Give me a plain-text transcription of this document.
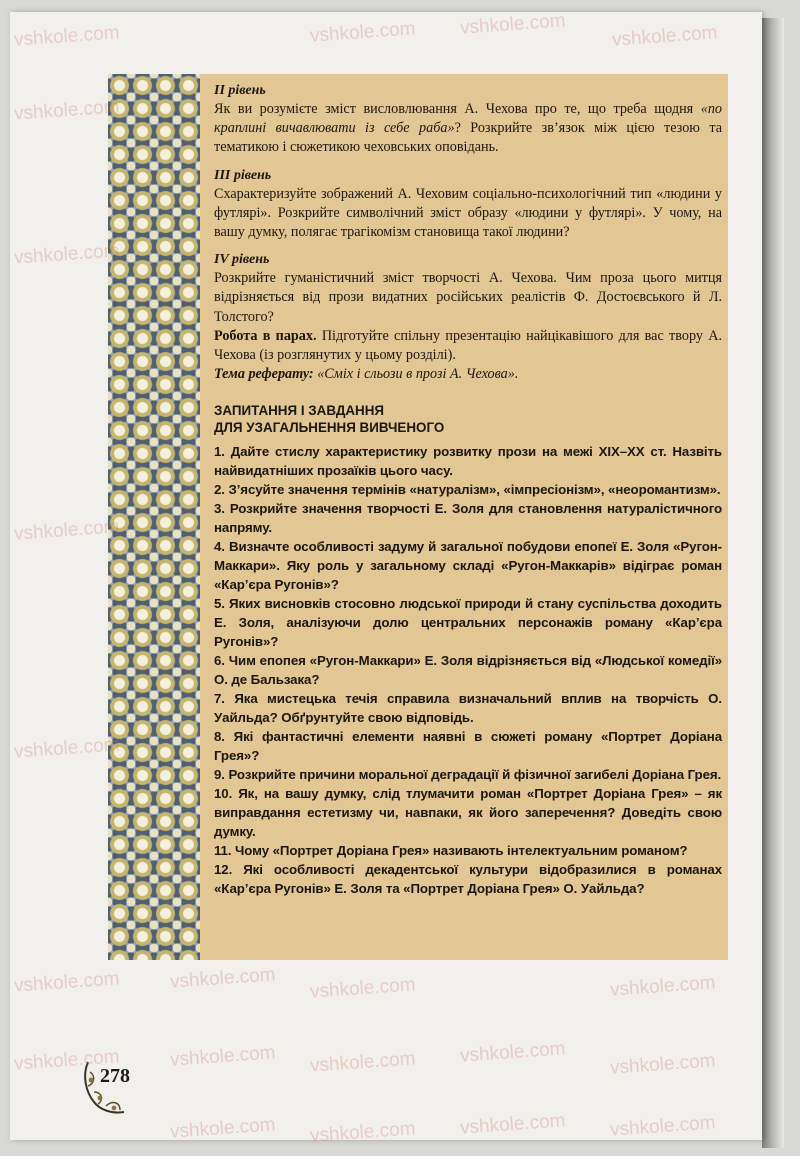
II рівень

Як ви розумієте зміст висловлювання А. Чехова про те, що треба щодня «по краплині вичавлювати із себе раба»? Розкрийте зв’язок між цією тезою та тематикою і сюжетикою чеховських оповідань.

III рівень

Схарактеризуйте зображений А. Чеховим соціально-психологічний тип «людини у футлярі». Розкрийте символічний зміст образу «людини у футлярі». У чому, на вашу думку, полягає трагікомізм становища такої людини?

IV рівень

Розкрийте гуманістичний зміст творчості А. Чехова. Чим проза цього митця відрізняється від прози видатних російських реалістів Ф. Достоєвського й Л. Толстого?

Робота в парах. Підготуйте спільну презентацію найцікавішого для вас твору А. Чехова (із розглянутих у цьому розділі).

Тема реферату: «Сміх і сльози в прозі А. Чехова».

ЗАПИТАННЯ І ЗАВДАННЯ
ДЛЯ УЗАГАЛЬНЕННЯ ВИВЧЕНОГО

1. Дайте стислу характеристику розвитку прози на межі XIX–XX ст. Назвіть найвидатніших прозаїків цього часу.

2. З’ясуйте значення термінів «натуралізм», «імпресіонізм», «неоромантизм».

3. Розкрийте значення творчості Е. Золя для становлення натуралістичного напряму.

4. Визначте особливості задуму й загальної побудови епопеї Е. Золя «Ругон-Маккари». Яку роль у загальному складі «Ругон-Маккарів» відіграє роман «Кар’єра Ругонів»?

5. Яких висновків стосовно людської природи й стану суспільства доходить Е. Золя, аналізуючи долю центральних персонажів роману «Кар’єра Ругонів»?

6. Чим епопея «Ругон-Маккари» Е. Золя відрізняється від «Людської комедії» О. де Бальзака?

7. Яка мистецька течія справила визначальний вплив на творчість О. Уайльда? Обґрунтуйте свою відповідь.

8. Які фантастичні елементи наявні в сюжеті роману «Портрет Доріана Грея»?

9. Розкрийте причини моральної деградації й фізичної загибелі Доріана Грея.

10. Як, на вашу думку, слід тлумачити роман «Портрет Доріана Грея» – як виправдання естетизму чи, навпаки, як його заперечення? Доведіть свою думку.

11. Чому «Портрет Доріана Грея» називають інтелектуальним романом?

12. Які особливості декадентської культури відобразилися в романах «Кар’єра Ругонів» Е. Золя та «Портрет Доріана Грея» О. Уайльда?

278
vshkole.com	vshkole.com vshkole.com vshkole.com
vshkole.com
vshkole.com
vshkole.com
vshkole.com
vshkole.com	vshkole.com vshkole.com	vshkole.com
vshkole.com	vshkole.com vshkole.com vshkole.com vshkole.com
vshkole.com vshkole.com vshkole.com vshkole.com
